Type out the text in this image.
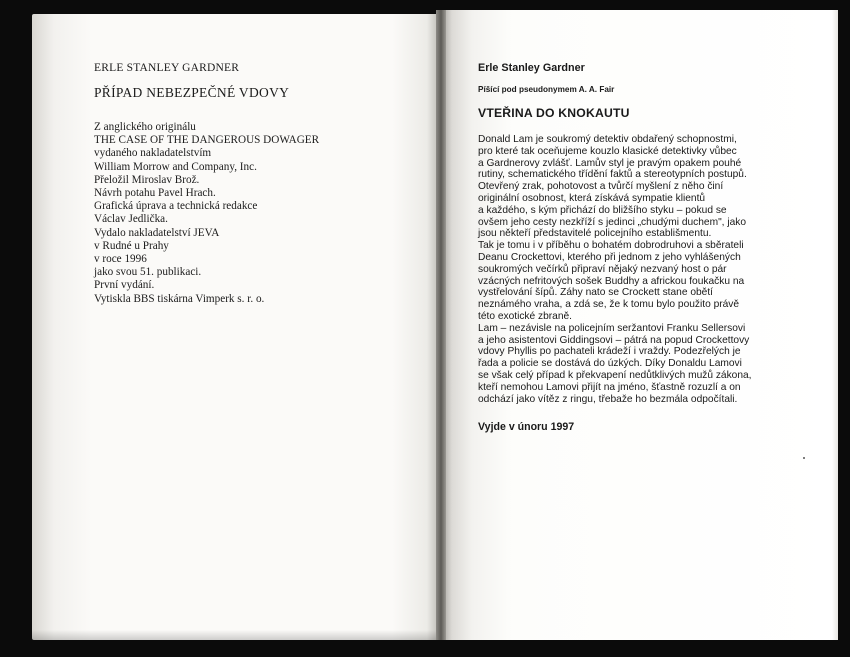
ERLE STANLEY GARDNER
PŘÍPAD NEBEZPEČNÉ VDOVY
Z anglického originálu
THE CASE OF THE DANGEROUS DOWAGER
vydaného nakladatelstvím
William Morrow and Company, Inc.
Přeložil Miroslav Brož.
Návrh potahu Pavel Hrach.
Grafická úprava a technická redakce
Václav Jedlička.
Vydalo nakladatelství JEVA
v Rudné u Prahy
v roce 1996
jako svou 51. publikaci.
První vydání.
Vytiskla BBS tiskárna Vimperk s. r. o.
Erle Stanley Gardner
Píšící pod pseudonymem A. A. Fair
VTEŘINA DO KNOKAUTU
Donald Lam je soukromý detektiv obdařený schopnostmi,
pro které tak oceňujeme kouzlo klasické detektivky vůbec
a Gardnerovy zvlášť. Lamův styl je pravým opakem pouhé
rutiny, schematického třídění faktů a stereotypních postupů.
Otevřený zrak, pohotovost a tvůrčí myšlení z něho činí
originální osobnost, která získává sympatie klientů
a každého, s kým přichází do bližšího styku – pokud se
ovšem jeho cesty nezkříží s jedinci „chudými duchem", jako
jsou někteří představitelé policejního establišmentu.
Tak je tomu i v příběhu o bohatém dobrodruhovi a sběrateli
Deanu Crockettovi, kterého při jednom z jeho vyhlášených
soukromých večírků připraví nějaký nezvaný host o pár
vzácných nefritových sošek Buddhy a africkou foukačku na
vystřelování šípů. Záhy nato se Crockett stane obětí
neznámého vraha, a zdá se, že k tomu bylo použito právě
této exotické zbraně.
Lam – nezávisle na policejním seržantovi Franku Sellersovi
a jeho asistentovi Giddingsovi – pátrá na popud Crockettovy
vdovy Phyllis po pachateli krádeží i vraždy. Podezřelých je
řada a policie se dostává do úzkých. Díky Donaldu Lamovi
se však celý případ k překvapení nedůtklivých mužů zákona,
kteří nemohou Lamovi přijít na jméno, šťastně rozuzlí a on
odchází jako vítěz z ringu, třebaže ho bezmála odpočítali.
Vyjde v únoru 1997
